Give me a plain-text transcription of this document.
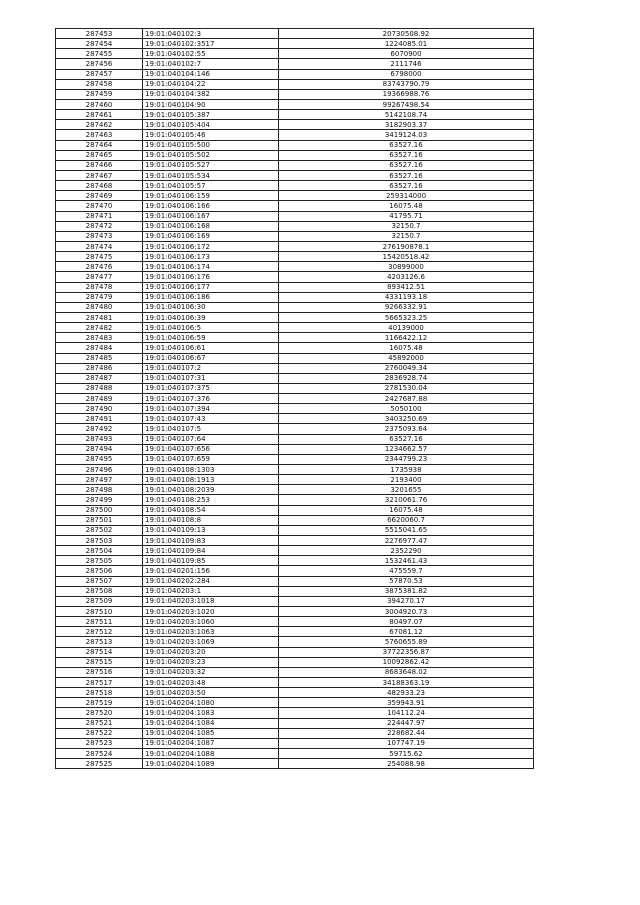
287453	19:01:040102:3	20730508.92
287454	19:01:040102:3517	1224085.01
287455	19:01:040102:55	6070900
287456	19:01:040102:7	2111746
287457	19:01:040104:146	6798000
287458	19:01:040104:22	83743790.79
287459	19:01:040104:382	19366988.76
287460	19:01:040104:90	99267498.54
287461	19:01:040105:387	5142108.74
287462	19:01:040105:404	3182903.37
287463	19:01:040105:46	3419124.03
287464	19:01:040105:500	63527.16
287465	19:01:040105:502	63527.16
287466	19:01:040105:527	63527.16
287467	19:01:040105:534	63527.16
287468	19:01:040105:57	63527.16
287469	19:01:040106:159	259314000
287470	19:01:040106:166	16075.48
287471	19:01:040106:167	41795.71
287472	19:01:040106:168	32150.7
287473	19:01:040106:169	32150.7
287474	19:01:040106:172	276190878.1
287475	19:01:040106:173	15420518.42
287476	19:01:040106:174	30899000
287477	19:01:040106:176	4203126.6
287478	19:01:040106:177	893412.51
287479	19:01:040106:186	4331193.18
287480	19:01:040106:30	9266332.91
287481	19:01:040106:39	5665323.25
287482	19:01:040106:5	40139000
287483	19:01:040106:59	1166422.12
287484	19:01:040106:61	16075.48
287485	19:01:040106:67	45892000
287486	19:01:040107:2	2760049.34
287487	19:01:040107:31	2836928.74
287488	19:01:040107:375	2781530.04
287489	19:01:040107:376	2427687.88
287490	19:01:040107:394	5050100
287491	19:01:040107:43	3403250.69
287492	19:01:040107:5	2375093.64
287493	19:01:040107:64	63527.16
287494	19:01:040107:656	1234662.57
287495	19:01:040107:659	2344799.23
287496	19:01:040108:1303	1735938
287497	19:01:040108:1913	2193400
287498	19:01:040108:2039	3201655
287499	19:01:040108:253	3210061.76
287500	19:01:040108:54	16075.48
287501	19:01:040108:8	6620060.7
287502	19:01:040109:13	5515041.65
287503	19:01:040109:83	2276977.47
287504	19:01:040109:84	2352290
287505	19:01:040109:85	1532461.43
287506	19:01:040201:156	475559.7
287507	19:01:040202:284	57870.53
287508	19:01:040203:1	3875381.82
287509	19:01:040203:1018	394270.17
287510	19:01:040203:1020	3004920.73
287511	19:01:040203:1060	80497.07
287512	19:01:040203:1063	67081.12
287513	19:01:040203:1069	5760655.89
287514	19:01:040203:20	37722356.87
287515	19:01:040203:23	10092862.42
287516	19:01:040203:32	8683648.02
287517	19:01:040203:48	34188363.19
287518	19:01:040203:50	482933.23
287519	19:01:040204:1080	359943.91
287520	19:01:040204:1083	104112.24
287521	19:01:040204:1084	224447.97
287522	19:01:040204:1085	228682.44
287523	19:01:040204:1087	107747.19
287524	19:01:040204:1088	59715.62
287525	19:01:040204:1089	254088.98
